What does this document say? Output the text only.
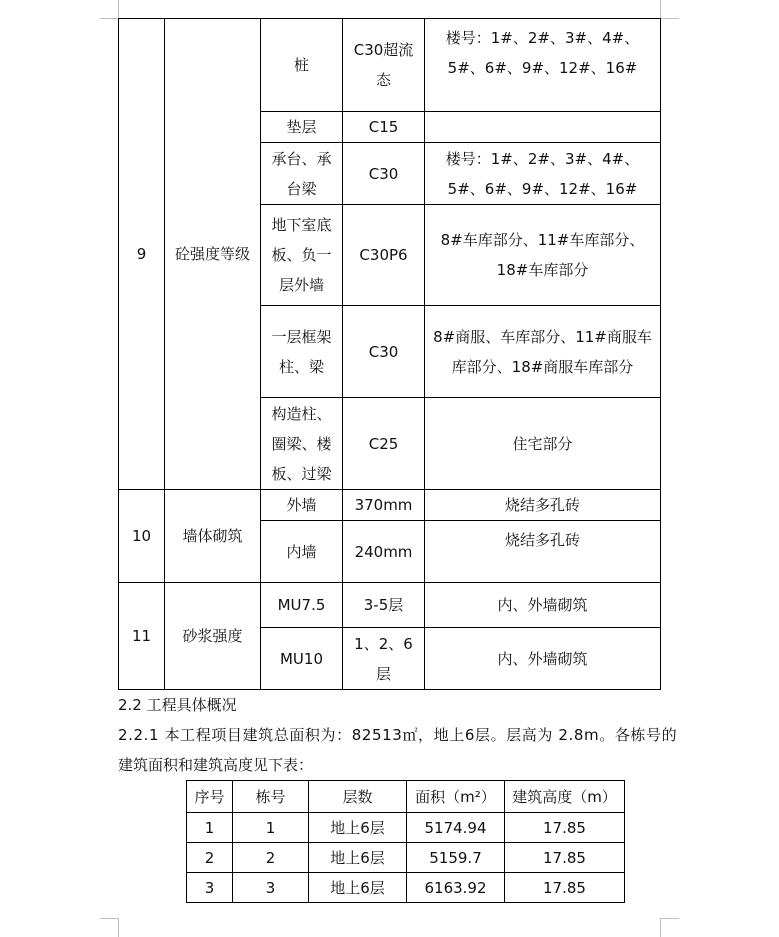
9	砼强度等级	桩	C30超流态	楼号：1#、2#、3#、4#、5#、6#、9#、12#、16#
		垫层	C15	
		承台、承台梁	C30	楼号：1#、2#、3#、4#、5#、6#、9#、12#、16#
		地下室底板、负一层外墙	C30P6	8#车库部分、11#车库部分、18#车库部分
		一层框架柱、梁	C30	8#商服、车库部分、11#商服车库部分、18#商服车库部分
		构造柱、圈梁、楼板、过梁	C25	住宅部分
10	墙体砌筑	外墙	370mm	烧结多孔砖
		内墙	240mm	烧结多孔砖
11	砂浆强度	MU7.5	3-5层	内、外墙砌筑
		MU10	1、2、6层	内、外墙砌筑

2.2 工程具体概况

2.2.1 本工程项目建筑总面积为：82513㎡，地上6层。层高为 2.8m。各栋号的

建筑面积和建筑高度见下表：

序号	栋号	层数	面积（m²）	建筑高度（m）
1	1	地上6层	5174.94	17.85
2	2	地上6层	5159.7	17.85
3	3	地上6层	6163.92	17.85
